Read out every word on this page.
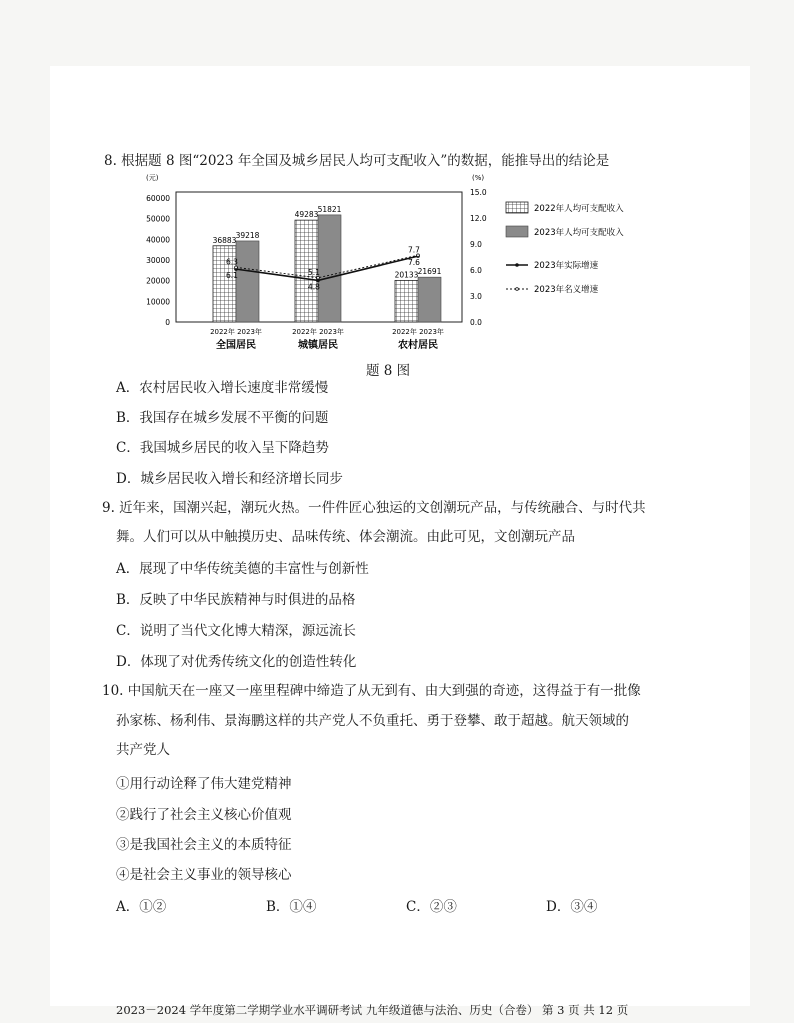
8. 根据题 8 图“2023 年全国及城乡居民人均可支配收入”的数据，能推导出的结论是
(元)	(%)
0
10000
20000
30000
40000
50000
60000
0.0
3.0
6.0
9.0
12.0
15.0
36883
39218
2022年 2023年
全国居民
49283
51821
2022年 2023年
城镇居民
20133 21691
2022年 2023年
农村居民
6.3
6.1	5.1
4.8
7.7
7.6
2022年人均可支配收入
2023年人均可支配收入
2023年实际增速
2023年名义增速
题 8 图
A．农村居民收入增长速度非常缓慢
B．我国存在城乡发展不平衡的问题
C．我国城乡居民的收入呈下降趋势
D．城乡居民收入增长和经济增长同步
9. 近年来，国潮兴起，潮玩火热。一件件匠心独运的文创潮玩产品，与传统融合、与时代共
舞。人们可以从中触摸历史、品味传统、体会潮流。由此可见，文创潮玩产品
A．展现了中华传统美德的丰富性与创新性
B．反映了中华民族精神与时俱进的品格
C．说明了当代文化博大精深，源远流长
D．体现了对优秀传统文化的创造性转化
10. 中国航天在一座又一座里程碑中缔造了从无到有、由大到强的奇迹，这得益于有一批像
孙家栋、杨利伟、景海鹏这样的共产党人不负重托、勇于登攀、敢于超越。航天领域的
共产党人
①用行动诠释了伟大建党精神
②践行了社会主义核心价值观
③是我国社会主义的本质特征
④是社会主义事业的领导核心
A．①②	B．①④	C．②③	D．③④
2023－2024 学年度第二学期学业水平调研考试 九年级道德与法治、历史（合卷） 第 3 页 共 12 页
